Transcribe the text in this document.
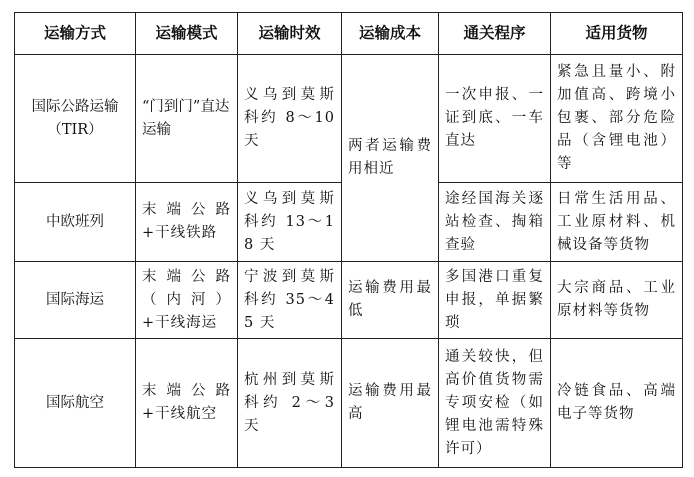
运输方式	运输模式	运输时效	运输成本	通关程序	适用货物
国际公路运输（TIR）	“门到门”直达运输	义乌到莫斯科约 8～10 天	两者运输费用相近	一次申报、一证到底、一车直达	紧急且量小、附加值高、跨境小包裹、部分危险品（含锂电池）等
中欧班列	末端公路+干线铁路	义乌到莫斯科约 13～18 天		途经国海关逐站检查、掏箱查验	日常生活用品、工业原材料、机械设备等货物
国际海运	末端公路（内河）+干线海运	宁波到莫斯科约 35～45 天	运输费用最低	多国港口重复申报，单据繁琐	大宗商品、工业原材料等货物
国际航空	末端公路+干线航空	杭州到莫斯科约 2～3 天	运输费用最高	通关较快，但高价值货物需专项安检（如锂电池需特殊许可）	冷链食品、高端电子等货物
